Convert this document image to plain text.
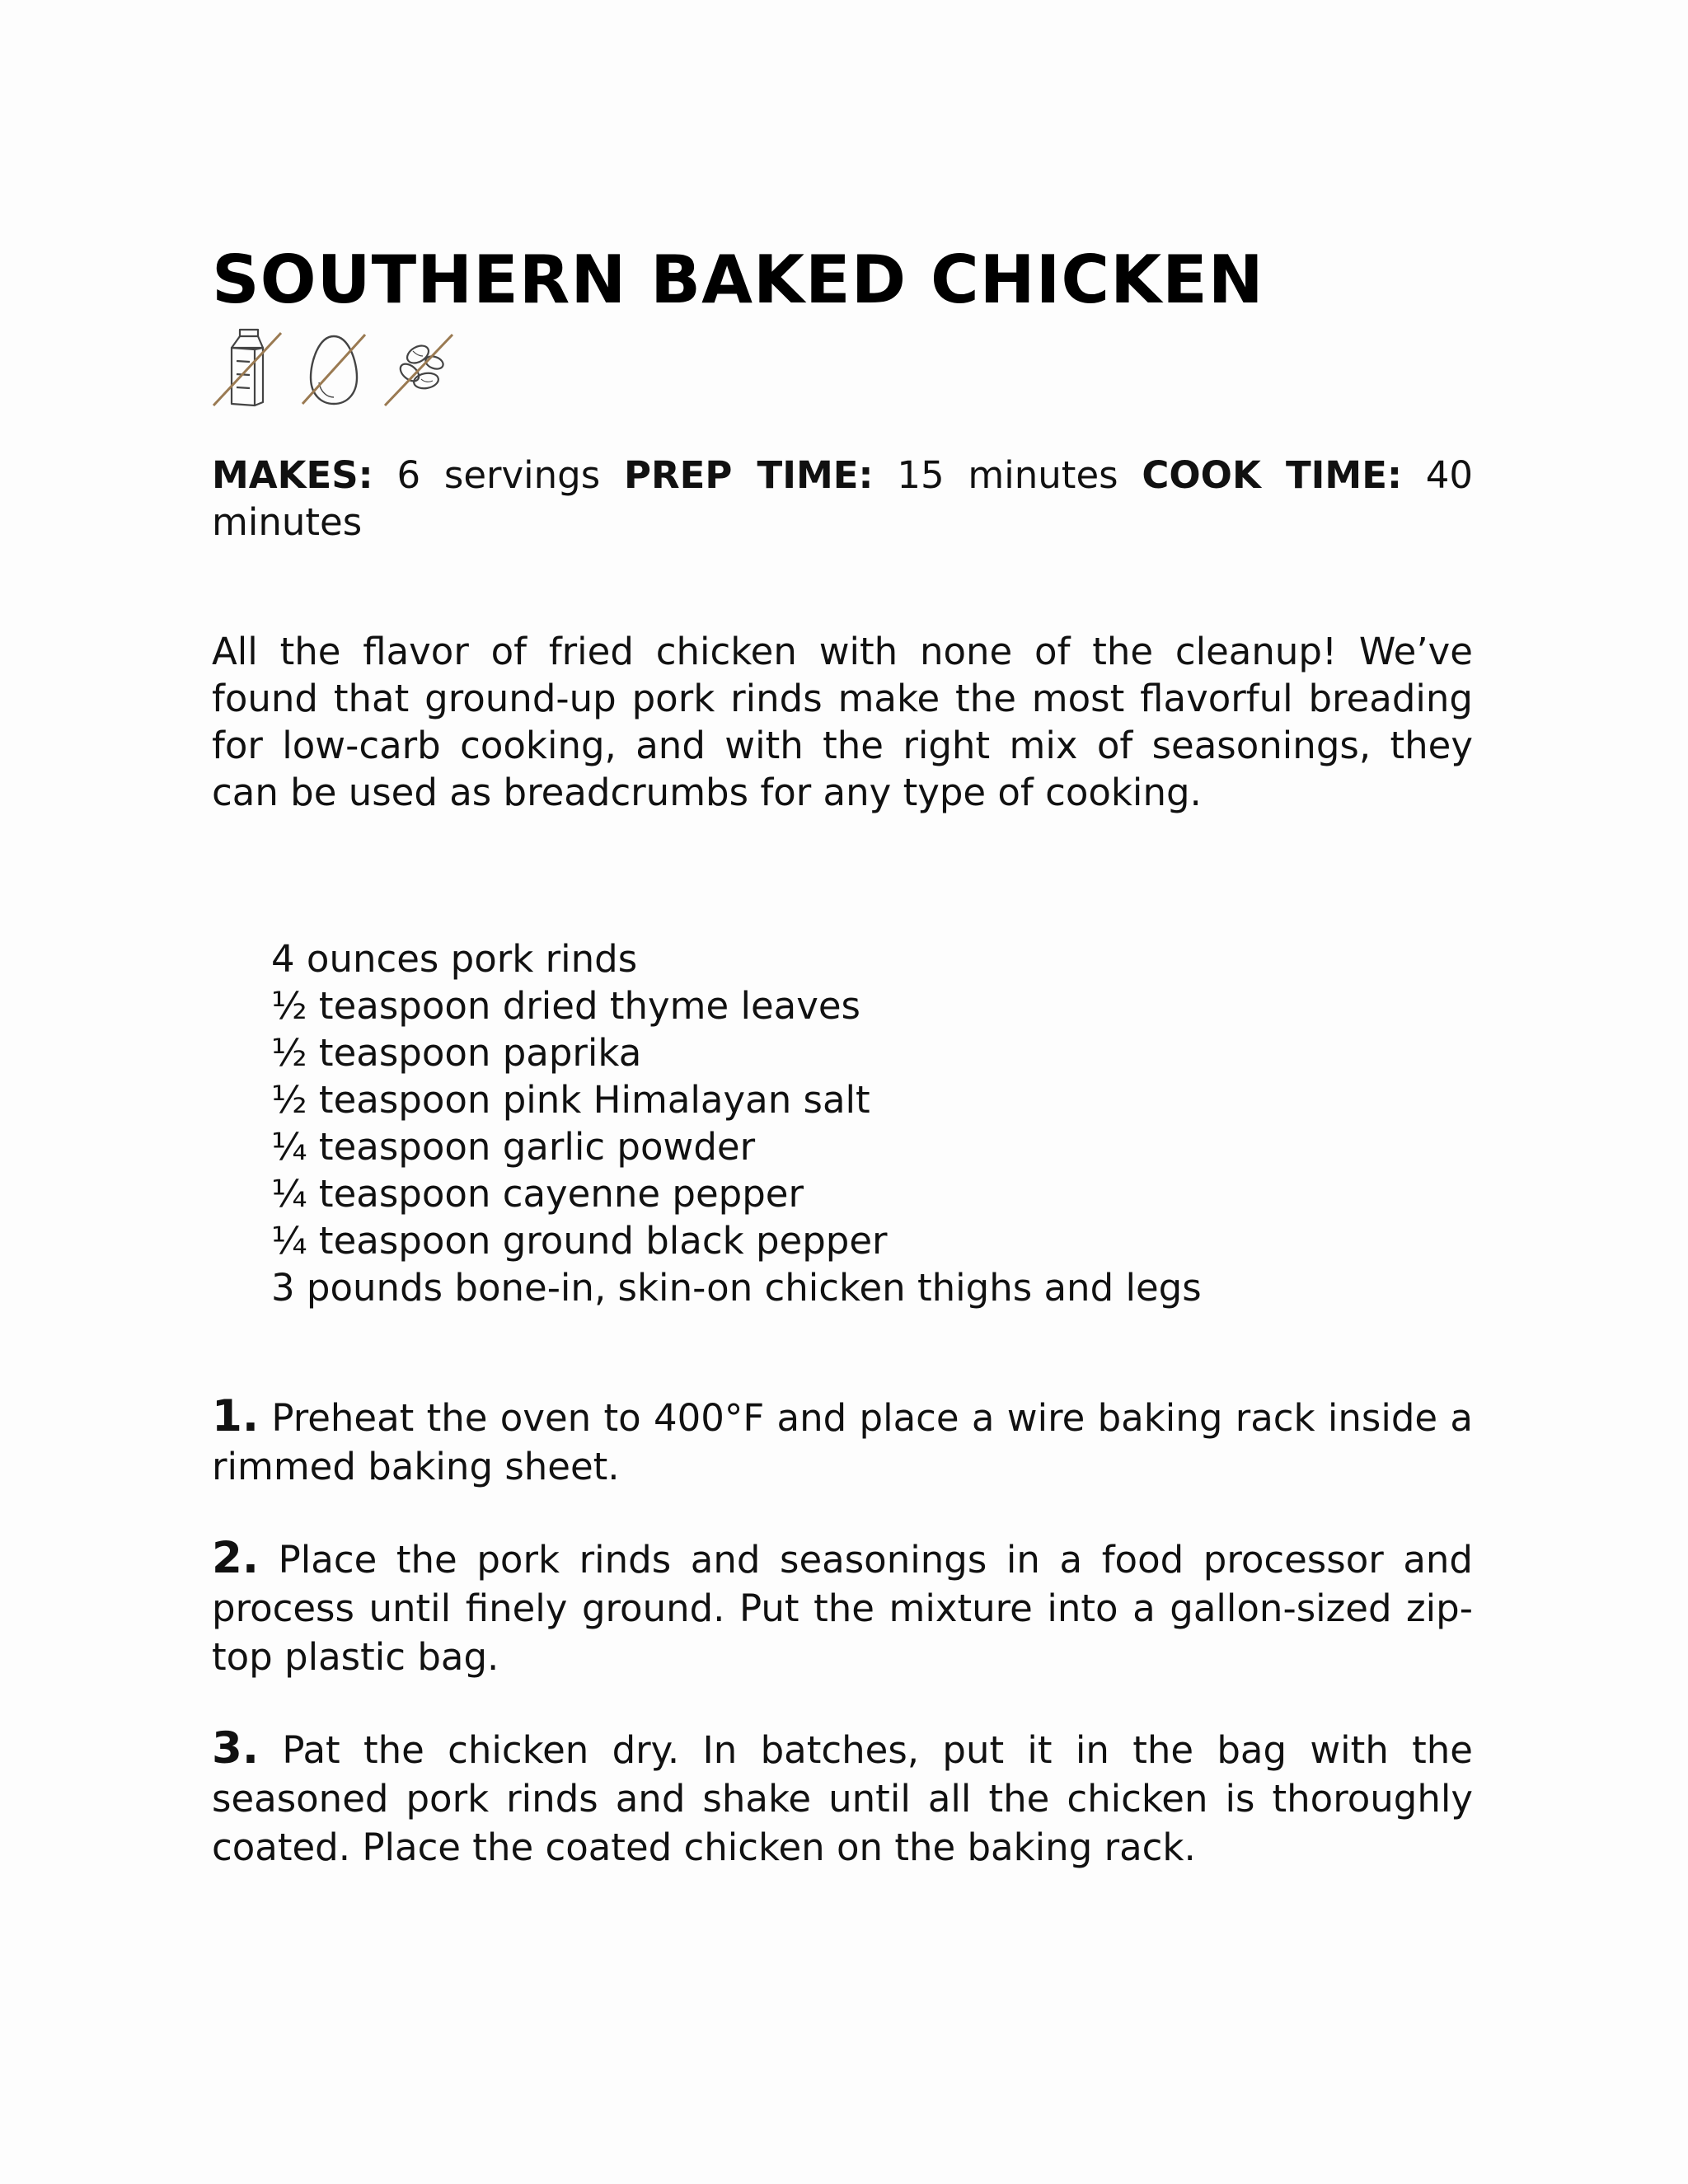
SOUTHERN BAKED CHICKEN
MAKES: 6 servings PREP TIME: 15 minutes COOK TIME: 40 minutes

All the flavor of fried chicken with none of the cleanup! We’ve found that ground-up pork rinds make the most flavorful breading for low-carb cooking, and with the right mix of seasonings, they can be used as breadcrumbs for any type of cooking.

4 ounces pork rinds
½ teaspoon dried thyme leaves
½ teaspoon paprika
½ teaspoon pink Himalayan salt
¼ teaspoon garlic powder
¼ teaspoon cayenne pepper
¼ teaspoon ground black pepper
3 pounds bone-in, skin-on chicken thighs and legs

1. Preheat the oven to 400°F and place a wire baking rack inside a rimmed baking sheet.

2. Place the pork rinds and seasonings in a food processor and process until finely ground. Put the mixture into a gallon-sized zip-top plastic bag.

3. Pat the chicken dry. In batches, put it in the bag with the seasoned pork rinds and shake until all the chicken is thoroughly coated. Place the coated chicken on the baking rack.
